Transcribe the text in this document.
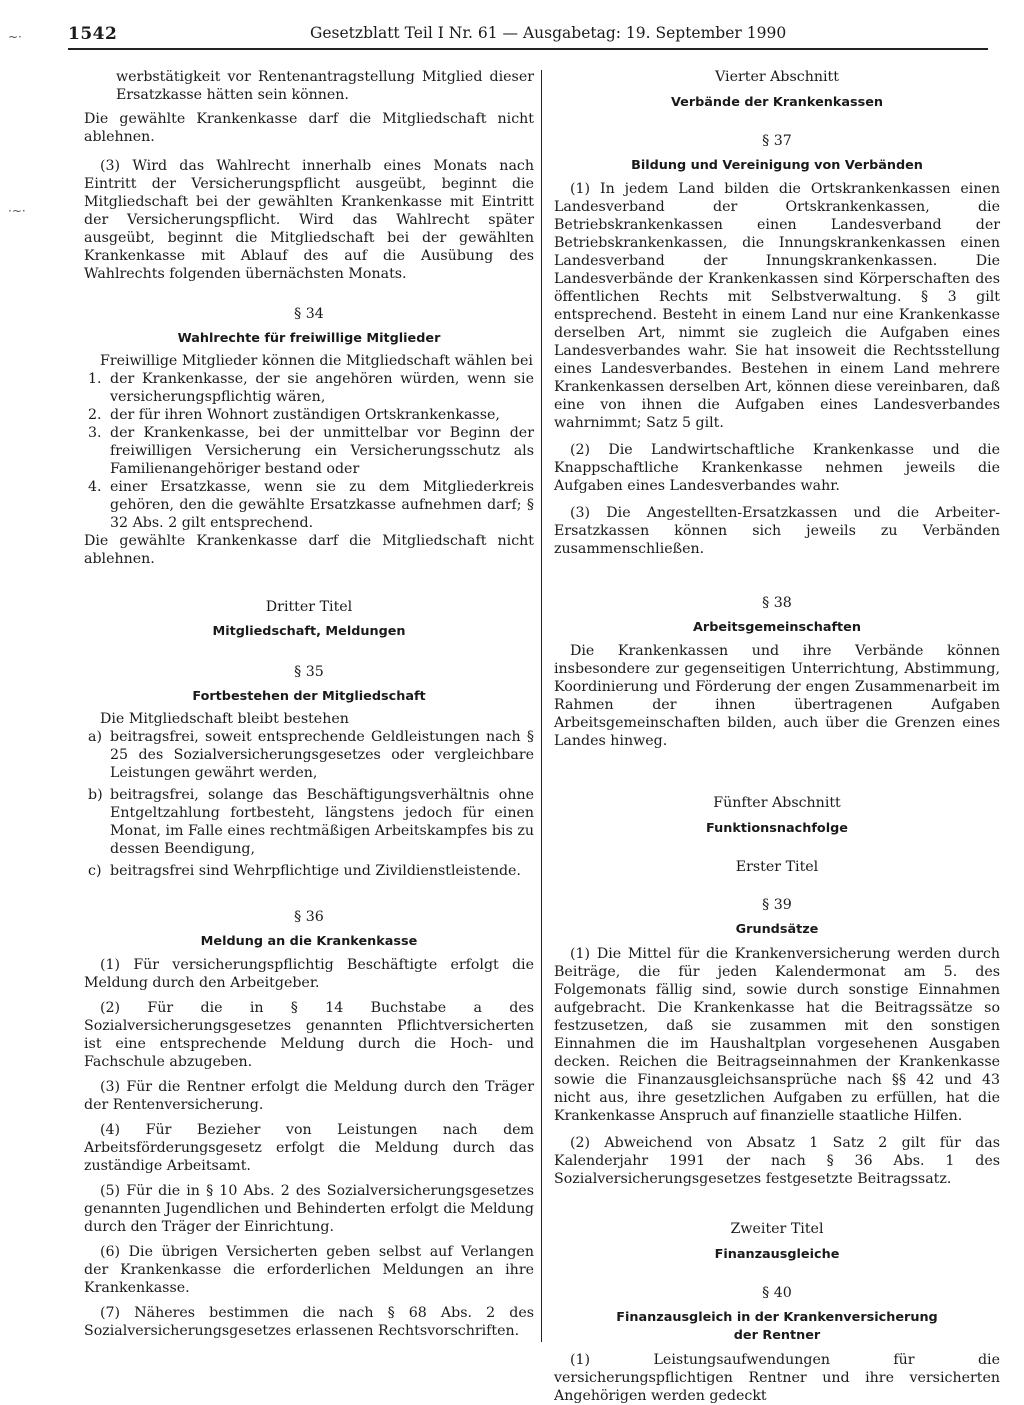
1542	Gesetzblatt Teil I Nr. 61 — Ausgabetag: 19. September 1990
~·
·~·

werbstätigkeit vor Rentenantragstellung Mitglied dieser Ersatzkasse hätten sein können.

Die gewählte Krankenkasse darf die Mitgliedschaft nicht ablehnen.

(3) Wird das Wahlrecht innerhalb eines Monats nach Eintritt der Versicherungspflicht ausgeübt, beginnt die Mitgliedschaft bei der gewählten Krankenkasse mit Eintritt der Versicherungspflicht. Wird das Wahlrecht später ausgeübt, beginnt die Mitgliedschaft bei der gewählten Krankenkasse mit Ablauf des auf die Ausübung des Wahlrechts folgenden übernächsten Monats.

§ 34

Wahlrechte für freiwillige Mitglieder

Freiwillige Mitglieder können die Mitgliedschaft wählen bei

1. der Krankenkasse, der sie angehören würden, wenn sie versicherungspflichtig wären,
2. der für ihren Wohnort zuständigen Ortskrankenkasse,
3. der Krankenkasse, bei der unmittelbar vor Beginn der freiwilligen Versicherung ein Versicherungsschutz als Familienangehöriger bestand oder
4. einer Ersatzkasse, wenn sie zu dem Mitgliederkreis gehören, den die gewählte Ersatzkasse aufnehmen darf; § 32 Abs. 2 gilt entsprechend.

Die gewählte Krankenkasse darf die Mitgliedschaft nicht ablehnen.

Dritter Titel

Mitgliedschaft, Meldungen

§ 35

Fortbestehen der Mitgliedschaft

Die Mitgliedschaft bleibt bestehen

a) beitragsfrei, soweit entsprechende Geldleistungen nach § 25 des Sozialversicherungsgesetzes oder vergleichbare Leistungen gewährt werden,
b) beitragsfrei, solange das Beschäftigungsverhältnis ohne Entgeltzahlung fortbesteht, längstens jedoch für einen Monat, im Falle eines rechtmäßigen Arbeitskampfes bis zu dessen Beendigung,
c) beitragsfrei sind Wehrpflichtige und Zivildienstleistende.

§ 36

Meldung an die Krankenkasse

(1) Für versicherungspflichtig Beschäftigte erfolgt die Meldung durch den Arbeitgeber.

(2) Für die in § 14 Buchstabe a des Sozialversicherungsgesetzes genannten Pflichtversicherten ist eine entsprechende Meldung durch die Hoch- und Fachschule abzugeben.

(3) Für die Rentner erfolgt die Meldung durch den Träger der Rentenversicherung.

(4) Für Bezieher von Leistungen nach dem Arbeitsförderungsgesetz erfolgt die Meldung durch das zuständige Arbeitsamt.

(5) Für die in § 10 Abs. 2 des Sozialversicherungsgesetzes genannten Jugendlichen und Behinderten erfolgt die Meldung durch den Träger der Einrichtung.

(6) Die übrigen Versicherten geben selbst auf Verlangen der Krankenkasse die erforderlichen Meldungen an ihre Krankenkasse.

(7) Näheres bestimmen die nach § 68 Abs. 2 des Sozialversicherungsgesetzes erlassenen Rechtsvorschriften.

Vierter Abschnitt

Verbände der Krankenkassen

§ 37

Bildung und Vereinigung von Verbänden

(1) In jedem Land bilden die Ortskrankenkassen einen Landesverband der Ortskrankenkassen, die Betriebskrankenkassen einen Landesverband der Betriebskrankenkassen, die Innungskrankenkassen einen Landesverband der Innungskrankenkassen. Die Landesverbände der Krankenkassen sind Körperschaften des öffentlichen Rechts mit Selbstverwaltung. § 3 gilt entsprechend. Besteht in einem Land nur eine Krankenkasse derselben Art, nimmt sie zugleich die Aufgaben eines Landesverbandes wahr. Sie hat insoweit die Rechtsstellung eines Landesverbandes. Bestehen in einem Land mehrere Krankenkassen derselben Art, können diese vereinbaren, daß eine von ihnen die Aufgaben eines Landesverbandes wahrnimmt; Satz 5 gilt.

(2) Die Landwirtschaftliche Krankenkasse und die Knappschaftliche Krankenkasse nehmen jeweils die Aufgaben eines Landesverbandes wahr.

(3) Die Angestellten-Ersatzkassen und die Arbeiter-Ersatzkassen können sich jeweils zu Verbänden zusammenschließen.

§ 38

Arbeitsgemeinschaften

Die Krankenkassen und ihre Verbände können insbesondere zur gegenseitigen Unterrichtung, Abstimmung, Koordinierung und Förderung der engen Zusammenarbeit im Rahmen der ihnen übertragenen Aufgaben Arbeitsgemeinschaften bilden, auch über die Grenzen eines Landes hinweg.

Fünfter Abschnitt

Funktionsnachfolge

Erster Titel

§ 39

Grundsätze

(1) Die Mittel für die Krankenversicherung werden durch Beiträge, die für jeden Kalendermonat am 5. des Folgemonats fällig sind, sowie durch sonstige Einnahmen aufgebracht. Die Krankenkasse hat die Beitragssätze so festzusetzen, daß sie zusammen mit den sonstigen Einnahmen die im Haushaltplan vorgesehenen Ausgaben decken. Reichen die Beitragseinnahmen der Krankenkasse sowie die Finanzausgleichsansprüche nach §§ 42 und 43 nicht aus, ihre gesetzlichen Aufgaben zu erfüllen, hat die Krankenkasse Anspruch auf finanzielle staatliche Hilfen.

(2) Abweichend von Absatz 1 Satz 2 gilt für das Kalenderjahr 1991 der nach § 36 Abs. 1 des Sozialversicherungsgesetzes festgesetzte Beitragssatz.

Zweiter Titel

Finanzausgleiche

§ 40

Finanzausgleich in der Krankenversicherung der Rentner

(1) Leistungsaufwendungen für die versicherungspflichtigen Rentner und ihre versicherten Angehörigen werden gedeckt
